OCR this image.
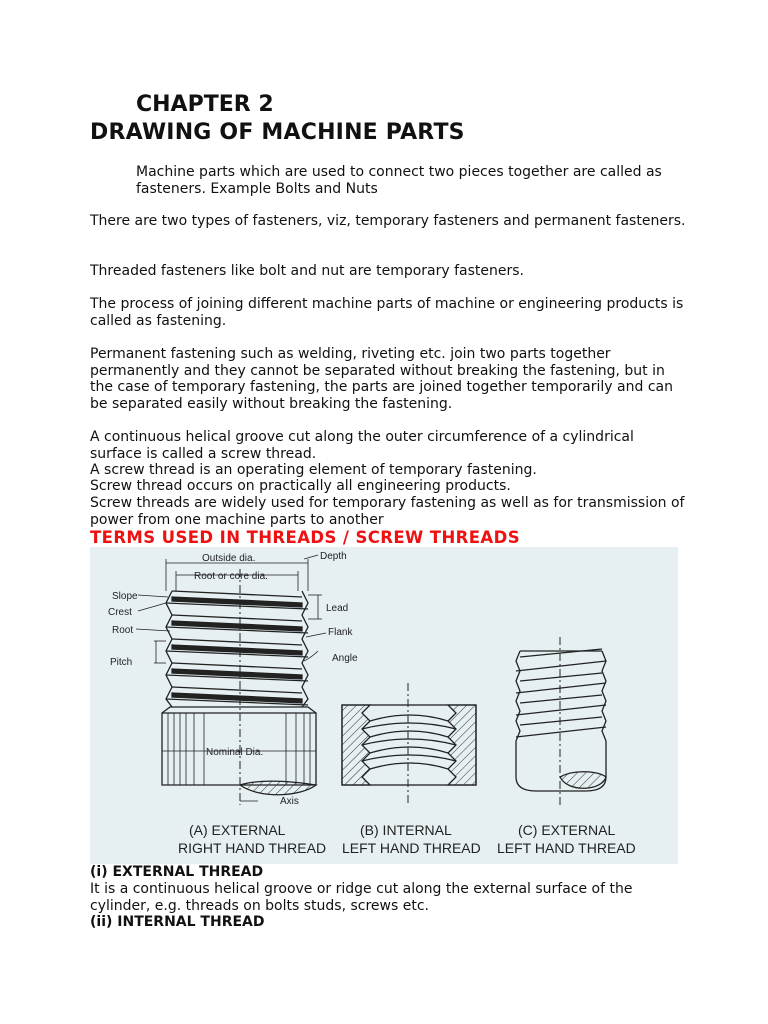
CHAPTER 2
DRAWING OF MACHINE PARTS
Machine parts which are used to connect two pieces together are called as fasteners. Example Bolts and Nuts
There are two types of fasteners, viz, temporary fasteners and permanent fasteners.
Threaded fasteners like bolt and nut are temporary fasteners.
The process of joining different machine parts of machine or engineering products is called as fastening.
Permanent fastening such as welding, riveting etc. join two parts together permanently and they cannot be separated without breaking the fastening, but in the case of temporary fastening, the parts are joined together temporarily and can be separated easily without breaking the fastening.
A continuous helical groove cut along the outer circumference of a cylindrical surface is called a screw thread.
A screw thread is an operating element of temporary fastening.
Screw thread occurs on practically all engineering products.
Screw threads are widely used for temporary fastening as well as for transmission of power from one machine parts to another
TERMS USED IN THREADS / SCREW THREADS
Outside dia.
Root or core dia.
Depth
Slope
Crest
Root
Pitch
Lead
Flank
Angle
Nominal Dia.
Axis
(A) EXTERNAL
RIGHT HAND THREAD
(B) INTERNAL
LEFT HAND THREAD
(C) EXTERNAL
LEFT HAND THREAD
(i) EXTERNAL THREAD
It is a continuous helical groove or ridge cut along the external surface of the cylinder, e.g. threads on bolts studs, screws etc.
(ii) INTERNAL THREAD
